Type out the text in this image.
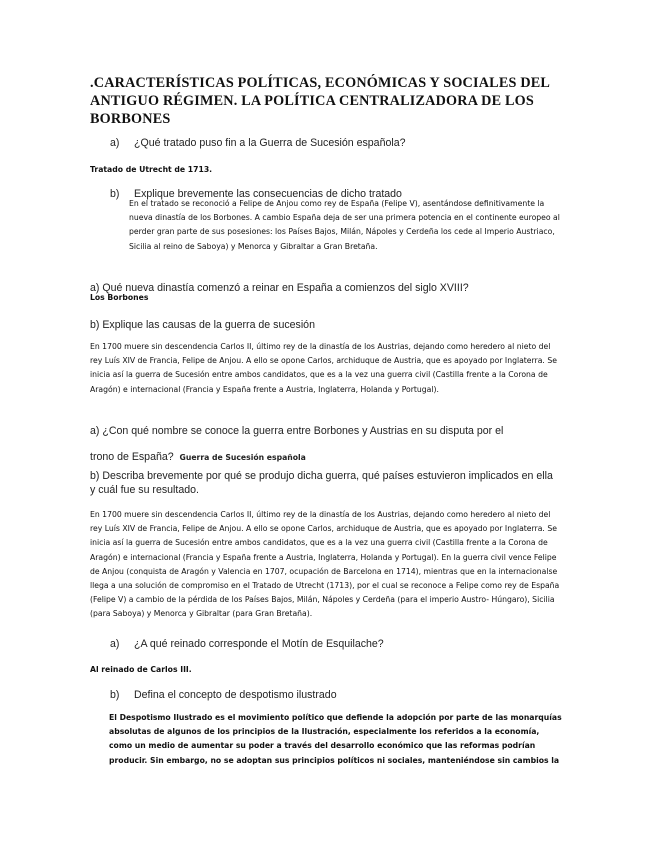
.CARACTERÍSTICAS POLÍTICAS, ECONÓMICAS Y SOCIALES DEL ANTIGUO RÉGIMEN. LA POLÍTICA CENTRALIZADORA DE LOS BORBONES

a) ¿Qué tratado puso fin a la Guerra de Sucesión española?

Tratado de Utrecht de 1713.

b) Explique brevemente las consecuencias de dicho tratado

En el tratado se reconoció a Felipe de Anjou como rey de España (Felipe V), asentándose definitivamente la nueva dinastía de los Borbones. A cambio España deja de ser una primera potencia en el continente europeo al perder gran parte de sus posesiones: los Países Bajos, Milán, Nápoles y Cerdeña los cede al Imperio Austriaco, Sicilia al reino de Saboya) y Menorca y Gibraltar a Gran Bretaña.

a) Qué nueva dinastía comenzó a reinar en España a comienzos del siglo XVIII?

Los Borbones

b) Explique las causas de la guerra de sucesión

En 1700 muere sin descendencia Carlos II, último rey de la dinastía de los Austrias, dejando como heredero al nieto del rey Luís XIV de Francia, Felipe de Anjou. A ello se opone Carlos, archiduque de Austria, que es apoyado por Inglaterra. Se inicia así la guerra de Sucesión entre ambos candidatos, que es a la vez una guerra civil (Castilla frente a la Corona de Aragón) e internacional (Francia y España frente a Austria, Inglaterra, Holanda y Portugal).

a) ¿Con qué nombre se conoce la guerra entre Borbones y Austrias en su disputa por el trono de España? Guerra de Sucesión española

b) Describa brevemente por qué se produjo dicha guerra, qué países estuvieron implicados en ella y cuál fue su resultado.

En 1700 muere sin descendencia Carlos II, último rey de la dinastía de los Austrias, dejando como heredero al nieto del rey Luís XIV de Francia, Felipe de Anjou. A ello se opone Carlos, archiduque de Austria, que es apoyado por Inglaterra. Se inicia así la guerra de Sucesión entre ambos candidatos, que es a la vez una guerra civil (Castilla frente a la Corona de Aragón) e internacional (Francia y España frente a Austria, Inglaterra, Holanda y Portugal). En la guerra civil vence Felipe de Anjou (conquista de Aragón y Valencia en 1707, ocupación de Barcelona en 1714), mientras que en la internacionalse llega a una solución de compromiso en el Tratado de Utrecht (1713), por el cual se reconoce a Felipe como rey de España (Felipe V) a cambio de la pérdida de los Países Bajos, Milán, Nápoles y Cerdeña (para el imperio Austro- Húngaro), Sicilia (para Saboya) y Menorca y Gibraltar (para Gran Bretaña).

a) ¿A qué reinado corresponde el Motín de Esquilache?

Al reinado de Carlos III.

b) Defina el concepto de despotismo ilustrado

El Despotismo Ilustrado es el movimiento político que defiende la adopción por parte de las monarquías absolutas de algunos de los principios de la Ilustración, especialmente los referidos a la economía, como un medio de aumentar su poder a través del desarrollo económico que las reformas podrían producir. Sin embargo, no se adoptan sus principios políticos ni sociales, manteniéndose sin cambios la
